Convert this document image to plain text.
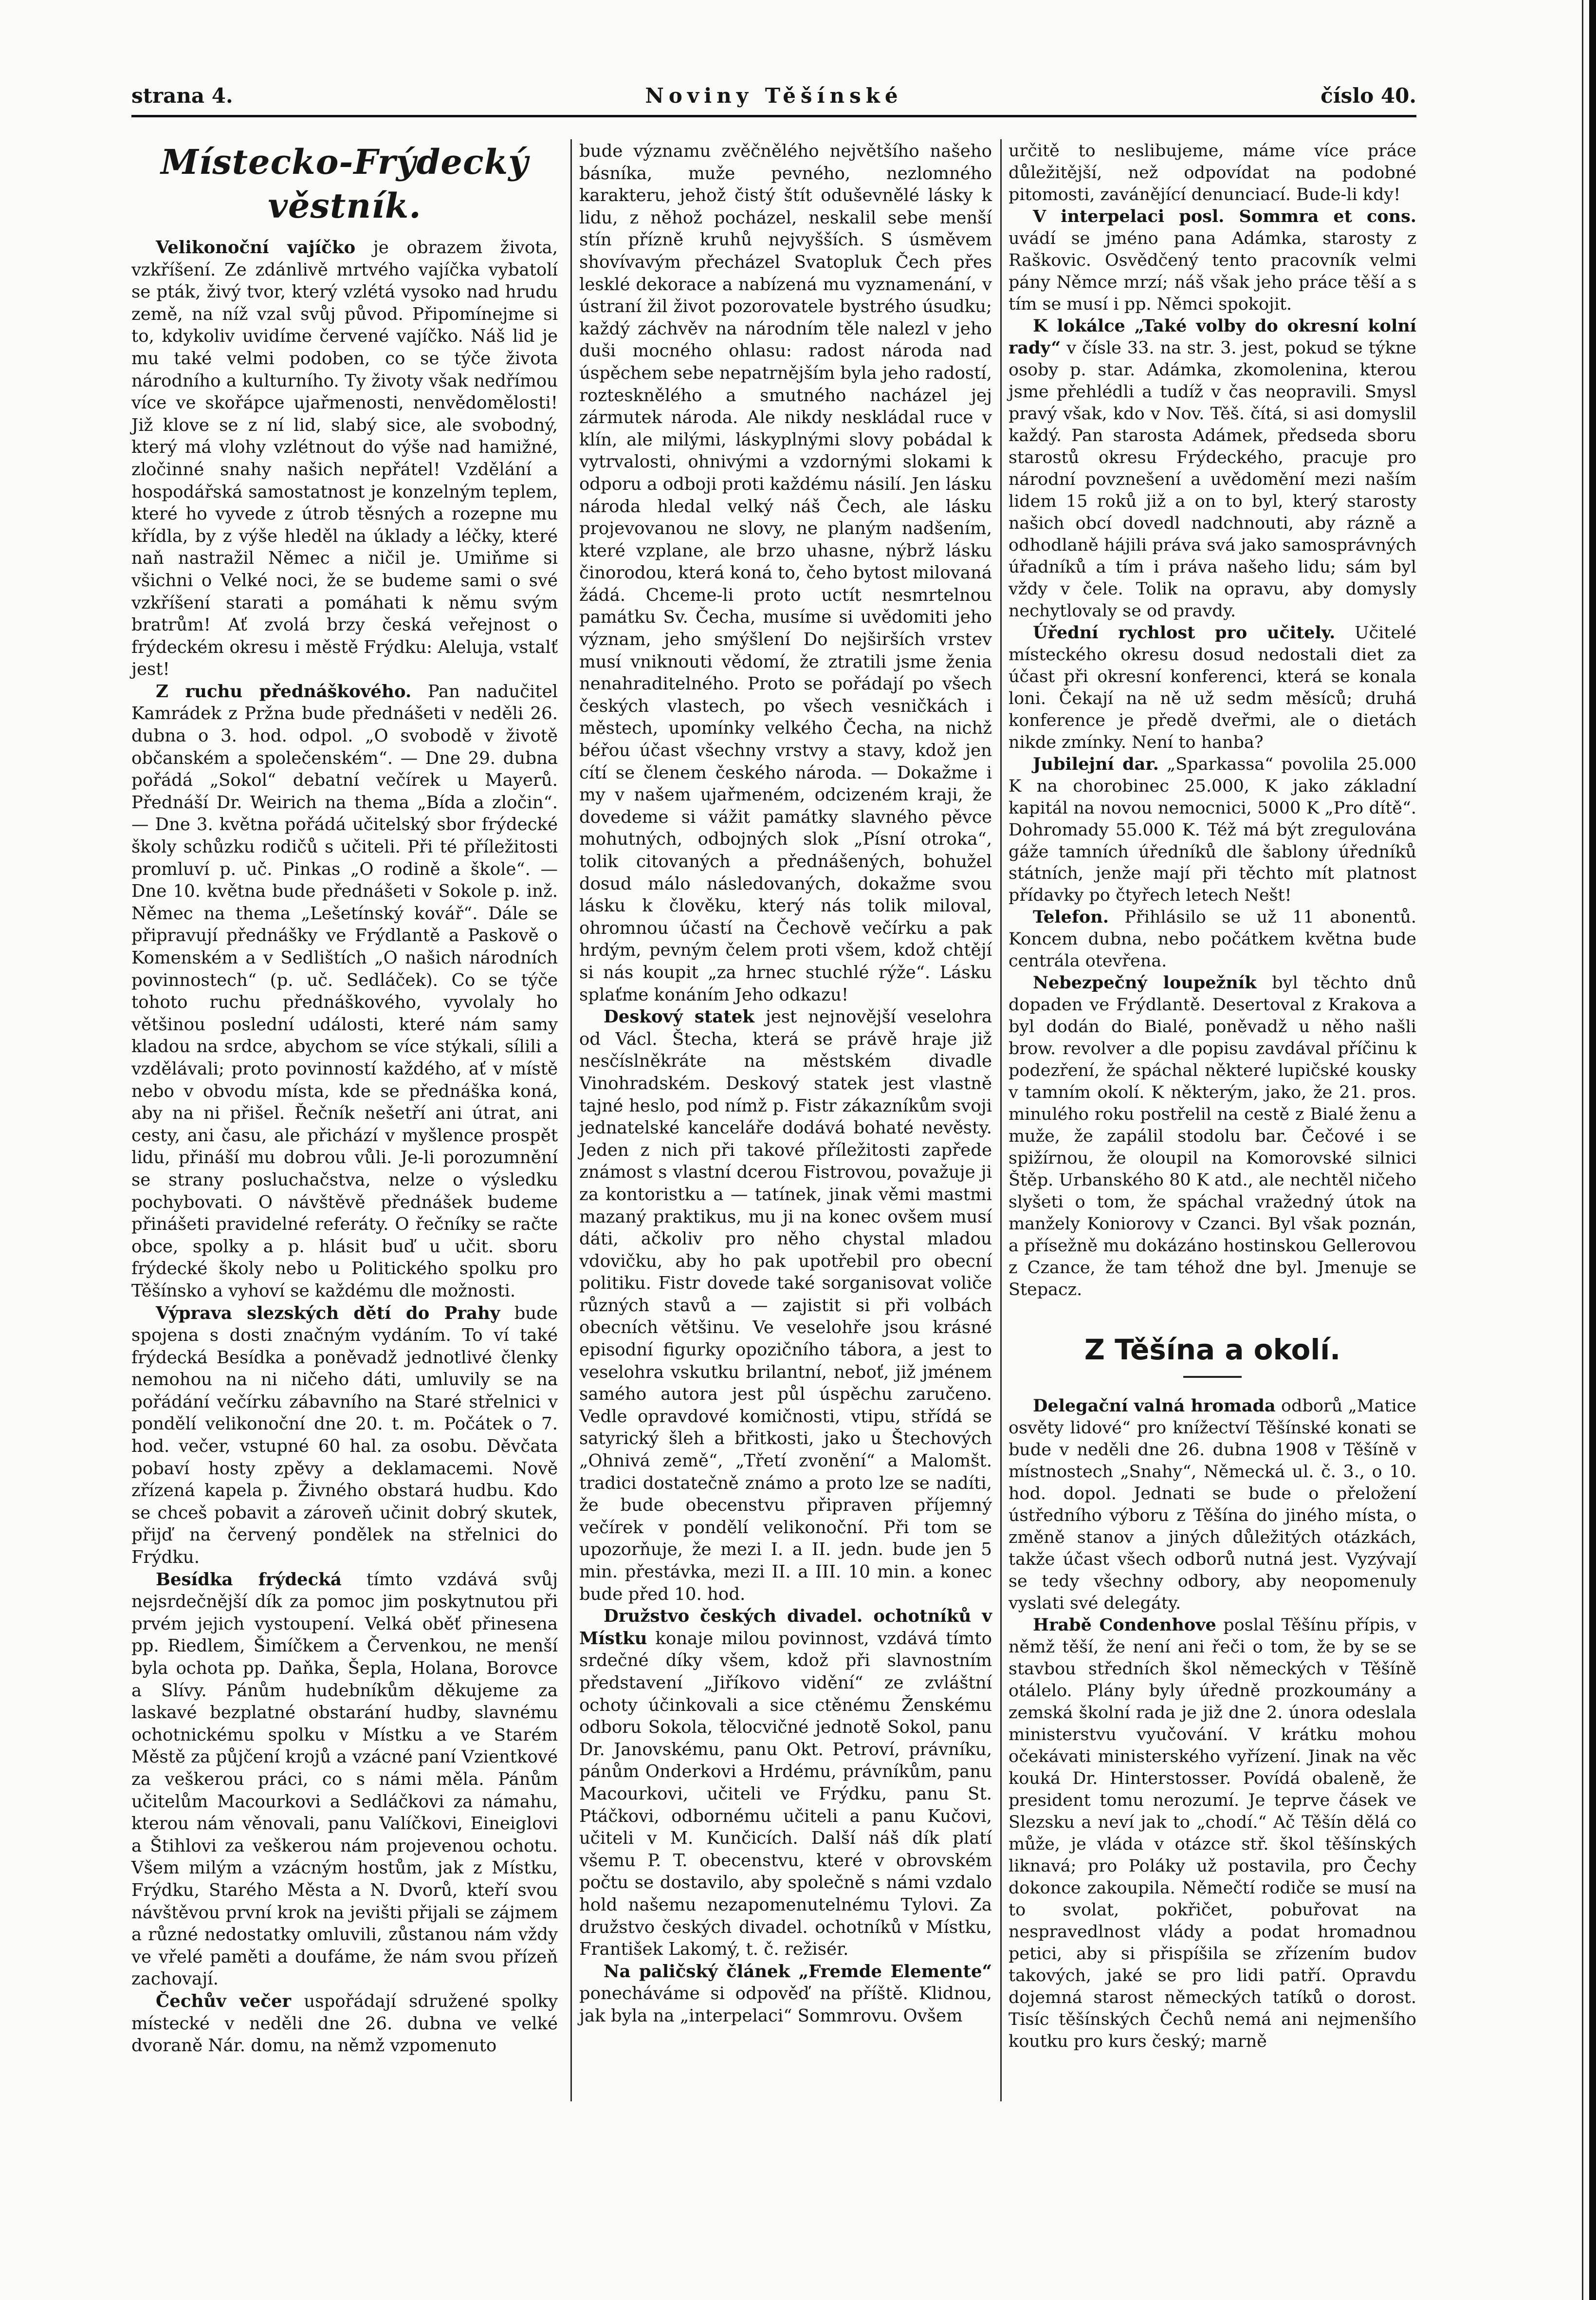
strana 4.	Noviny Těšínské	číslo 40.
Místecko-Frýdecký věstník.

Velikonoční vajíčko je obrazem života, vzkříšení. Ze zdánlivě mrtvého vajíčka vybatolí se pták, živý tvor, který vzlétá vysoko nad hrudu země, na níž vzal svůj původ. Připomínejme si to, kdykoliv uvidíme červené vajíčko. Náš lid je mu také velmi podoben, co se týče života národního a kulturního. Ty životy však nedřímou více ve skořápce ujařmenosti, nenvědomělosti! Již klove se z ní lid, slabý sice, ale svobodný, který má vlohy vzlétnout do výše nad hamižné, zločinné snahy našich nepřátel! Vzdělání a hospodářská samostatnost je konzelným teplem, které ho vyvede z útrob těsných a rozepne mu křídla, by z výše hleděl na úklady a léčky, které naň nastražil Němec a ničil je. Umiňme si všichni o Velké noci, že se budeme sami o své vzkříšení starati a pomáhati k němu svým bratrům! Ať zvolá brzy česká veřejnost o frýdeckém okresu i městě Frýdku: Aleluja, vstalť jest!

Z ruchu přednáškového. Pan nadučitel Kamrádek z Pržna bude přednášeti v neděli 26. dubna o 3. hod. odpol. „O svobodě v životě občanském a společenském“. — Dne 29. dubna pořádá „Sokol“ debatní večírek u Mayerů. Přednáší Dr. Weirich na thema „Bída a zločin“. — Dne 3. května pořádá učitelský sbor frýdecké školy schůzku rodičů s učiteli. Při té příležitosti promluví p. uč. Pinkas „O rodině a škole“. — Dne 10. května bude přednášeti v Sokole p. inž. Němec na thema „Lešetínský kovář“. Dále se připravují přednášky ve Frýdlantě a Paskově o Komenském a v Sedlištích „O našich národních povinnostech“ (p. uč. Sedláček). Co se týče tohoto ruchu přednáškového, vyvolaly ho většinou poslední události, které nám samy kladou na srdce, abychom se více stýkali, sílili a vzdělávali; proto povinností každého, ať v místě nebo v obvodu místa, kde se přednáška koná, aby na ni přišel. Řečník nešetří ani útrat, ani cesty, ani času, ale přichází v myšlence prospět lidu, přináší mu dobrou vůli. Je-li porozumnění se strany posluchačstva, nelze o výsledku pochybovati. O návštěvě přednášek budeme přinášeti pravidelné referáty. O řečníky se račte obce, spolky a p. hlásit buď u učit. sboru frýdecké školy nebo u Politického spolku pro Těšínsko a vyhoví se každému dle možnosti.

Výprava slezských dětí do Prahy bude spojena s dosti značným vydáním. To ví také frýdecká Besídka a poněvadž jednotlivé členky nemohou na ni ničeho dáti, umluvily se na pořádání večírku zábavního na Staré střelnici v pondělí velikonoční dne 20. t. m. Počátek o 7. hod. večer, vstupné 60 hal. za osobu. Děvčata pobaví hosty zpěvy a deklamacemi. Nově zřízená kapela p. Živného obstará hudbu. Kdo se chceš pobavit a zároveň učinit dobrý skutek, přijď na červený pondělek na střelnici do Frýdku.

Besídka frýdecká tímto vzdává svůj nejsrdečnější dík za pomoc jim poskytnutou při prvém jejich vystoupení. Velká oběť přinesena pp. Riedlem, Šimíčkem a Červenkou, ne menší byla ochota pp. Daňka, Šepla, Holana, Borovce a Slívy. Pánům hudebníkům děkujeme za laskavé bezplatné obstarání hudby, slavnému ochotnickému spolku v Místku a ve Starém Městě za půjčení krojů a vzácné paní Vzientkové za veškerou práci, co s námi měla. Pánům učitelům Macourkovi a Sedláčkovi za námahu, kterou nám věnovali, panu Valíčkovi, Eineiglovi a Štihlovi za veškerou nám projevenou ochotu. Všem milým a vzácným hostům, jak z Místku, Frýdku, Starého Města a N. Dvorů, kteří svou návštěvou první krok na jevišti přijali se zájmem a různé nedostatky omluvili, zůstanou nám vždy ve vřelé paměti a doufáme, že nám svou přízeň zachovají.

Čechův večer uspořádají sdružené spolky místecké v neděli dne 26. dubna ve velké dvoraně Nár. domu, na němž vzpomenuto

bude významu zvěčnělého největšího našeho básníka, muže pevného, nezlomného karakteru, jehož čistý štít oduševnělé lásky k lidu, z něhož pocházel, neskalil sebe menší stín přízně kruhů nejvyšších. S úsměvem shovívavým přecházel Svatopluk Čech přes lesklé dekorace a nabízená mu vyznamenání, v ústraní žil život pozorovatele bystrého úsudku; každý záchvěv na národním těle nalezl v jeho duši mocného ohlasu: radost národa nad úspěchem sebe nepatrnějším byla jeho radostí, roztesknělého a smutného nacházel jej zármutek národa. Ale nikdy neskládal ruce v klín, ale milými, láskyplnými slovy pobádal k vytrvalosti, ohnivými a vzdornými slokami k odporu a odboji proti každému násilí. Jen lásku národa hledal velký náš Čech, ale lásku projevovanou ne slovy, ne planým nadšením, které vzplane, ale brzo uhasne, nýbrž lásku činorodou, která koná to, čeho bytost milovaná žádá. Chceme-li proto uctít nesmrtelnou památku Sv. Čecha, musíme si uvědomiti jeho význam, jeho smýšlení Do nejširších vrstev musí vniknouti vědomí, že ztratili jsme ženia nenahraditelného. Proto se pořádají po všech českých vlastech, po všech vesničkách i městech, upomínky velkého Čecha, na nichž béřou účast všechny vrstvy a stavy, kdož jen cítí se členem českého národa. — Dokažme i my v našem ujařmeném, odcizeném kraji, že dovedeme si vážit památky slavného pěvce mohutných, odbojných slok „Písní otroka“, tolik citovaných a přednášených, bohužel dosud málo následovaných, dokažme svou lásku k člověku, který nás tolik miloval, ohromnou účastí na Čechově večírku a pak hrdým, pevným čelem proti všem, kdož chtějí si nás koupit „za hrnec stuchlé rýže“. Lásku splaťme konáním Jeho odkazu!

Deskový statek jest nejnovější veselohra od Václ. Štecha, která se právě hraje již nesčíslněkráte na městském divadle Vinohradském. Deskový statek jest vlastně tajné heslo, pod nímž p. Fistr zákazníkům svoji jednatelské kanceláře dodává bohaté nevěsty. Jeden z nich při takové příležitosti zapřede známost s vlastní dcerou Fistrovou, považuje ji za kontoristku a — tatínek, jinak věmi mastmi mazaný praktikus, mu ji na konec ovšem musí dáti, ačkoliv pro něho chystal mladou vdovičku, aby ho pak upotřebil pro obecní politiku. Fistr dovede také sorganisovat voliče různých stavů a — zajistit si při volbách obecních většinu. Ve veselohře jsou krásné episodní figurky opozičního tábora, a jest to veselohra vskutku brilantní, neboť, již jménem samého autora jest půl úspěchu zaručeno. Vedle opravdové komičnosti, vtipu, střídá se satyrický šleh a břitkosti, jako u Štechových „Ohnivá země“, „Třetí zvonění“ a Malomšt. tradici dostatečně známo a proto lze se nadíti, že bude obecenstvu připraven příjemný večírek v pondělí velikonoční. Při tom se upozorňuje, že mezi I. a II. jedn. bude jen 5 min. přestávka, mezi II. a III. 10 min. a konec bude před 10. hod.

Družstvo českých divadel. ochotníků v Místku konaje milou povinnost, vzdává tímto srdečné díky všem, kdož při slavnostním představení „Jiříkovo vidění“ ze zvláštní ochoty účinkovali a sice ctěnému Ženskému odboru Sokola, tělocvičné jednotě Sokol, panu Dr. Janovskému, panu Okt. Petroví, právníku, pánům Onderkovi a Hrdému, právníkům, panu Macourkovi, učiteli ve Frýdku, panu St. Ptáčkovi, odbornému učiteli a panu Kučovi, učiteli v M. Kunčicích. Další náš dík platí všemu P. T. obecenstvu, které v obrovském počtu se dostavilo, aby společně s námi vzdalo hold našemu nezapomenutelnému Tylovi. Za družstvo českých divadel. ochotníků v Místku, František Lakomý, t. č. režisér.

Na paličský článek „Fremde Elemente“ ponecháváme si odpověď na příště. Klidnou, jak byla na „interpelaci“ Sommrovu. Ovšem

určitě to neslibujeme, máme více práce důležitější, než odpovídat na podobné pitomosti, zavánějící denunciací. Bude-li kdy!

V interpelaci posl. Sommra et cons. uvádí se jméno pana Adámka, starosty z Raškovic. Osvědčený tento pracovník velmi pány Němce mrzí; náš však jeho práce těší a s tím se musí i pp. Němci spokojit.

K lokálce „Také volby do okresní kolní rady“ v čísle 33. na str. 3. jest, pokud se týkne osoby p. star. Adámka, zkomolenina, kterou jsme přehlédli a tudíž v čas neopravili. Smysl pravý však, kdo v Nov. Těš. čítá, si asi domyslil každý. Pan starosta Adámek, předseda sboru starostů okresu Frýdeckého, pracuje pro národní povznešení a uvědomění mezi naším lidem 15 roků již a on to byl, který starosty našich obcí dovedl nadchnouti, aby rázně a odhodlaně hájili práva svá jako samosprávných úřadníků a tím i práva našeho lidu; sám byl vždy v čele. Tolik na opravu, aby domysly nechytlovaly se od pravdy.

Úřední rychlost pro učitely. Učitelé místeckého okresu dosud nedostali diet za účast při okresní konferenci, která se konala loni. Čekají na ně už sedm měsíců; druhá konference je předě dveřmi, ale o dietách nikde zmínky. Není to hanba?

Jubilejní dar. „Sparkassa“ povolila 25.000 K na chorobinec 25.000, K jako základní kapitál na novou nemocnici, 5000 K „Pro dítě“. Dohromady 55.000 K. Též má být zregulována gáže tamních úředníků dle šablony úředníků státních, jenže mají při těchto mít platnost přídavky po čtyřech letech Nešt!

Telefon. Přihlásilo se už 11 abonentů. Koncem dubna, nebo počátkem května bude centrála otevřena.

Nebezpečný loupežník byl těchto dnů dopaden ve Frýdlantě. Desertoval z Krakova a byl dodán do Bialé, poněvadž u něho našli brow. revolver a dle popisu zavdával příčinu k podezření, že spáchal některé lupičské kousky v tamním okolí. K některým, jako, že 21. pros. minulého roku postřelil na cestě z Bialé ženu a muže, že zapálil stodolu bar. Čečové i se spižírnou, že oloupil na Komorovské silnici Štěp. Urbanského 80 K atd., ale nechtěl ničeho slyšeti o tom, že spáchal vražedný útok na manžely Koniorovy v Czanci. Byl však poznán, a přísežně mu dokázáno hostinskou Gellerovou z Czance, že tam téhož dne byl. Jmenuje se Stepacz.

Z Těšína a okolí.

Delegační valná hromada odborů „Matice osvěty lidové“ pro knížectví Těšínské konati se bude v neděli dne 26. dubna 1908 v Těšíně v místnostech „Snahy“, Německá ul. č. 3., o 10. hod. dopol. Jednati se bude o přeložení ústředního výboru z Těšína do jiného místa, o změně stanov a jiných důležitých otázkách, takže účast všech odborů nutná jest. Vyzývají se tedy všechny odbory, aby neopomenuly vyslati své delegáty.

Hrabě Condenhove poslal Těšínu přípis, v němž těší, že není ani řeči o tom, že by se se stavbou středních škol německých v Těšíně otálelo. Plány byly úředně prozkoumány a zemská školní rada je již dne 2. února odeslala ministerstvu vyučování. V krátku mohou očekávati ministerského vyřízení. Jinak na věc kouká Dr. Hinterstosser. Povídá obaleně, že president tomu nerozumí. Je teprve čásek ve Slezsku a neví jak to „chodí.“ Ač Těšín dělá co může, je vláda v otázce stř. škol těšínských liknavá; pro Poláky už postavila, pro Čechy dokonce zakoupila. Němečtí rodiče se musí na to svolat, pokřičet, pobuřovat na nespravedlnost vlády a podat hromadnou petici, aby si přispíšila se zřízením budov takových, jaké se pro lidi patří. Opravdu dojemná starost německých tatíků o dorost. Tisíc těšínských Čechů nemá ani nejmenšího koutku pro kurs český; marně
